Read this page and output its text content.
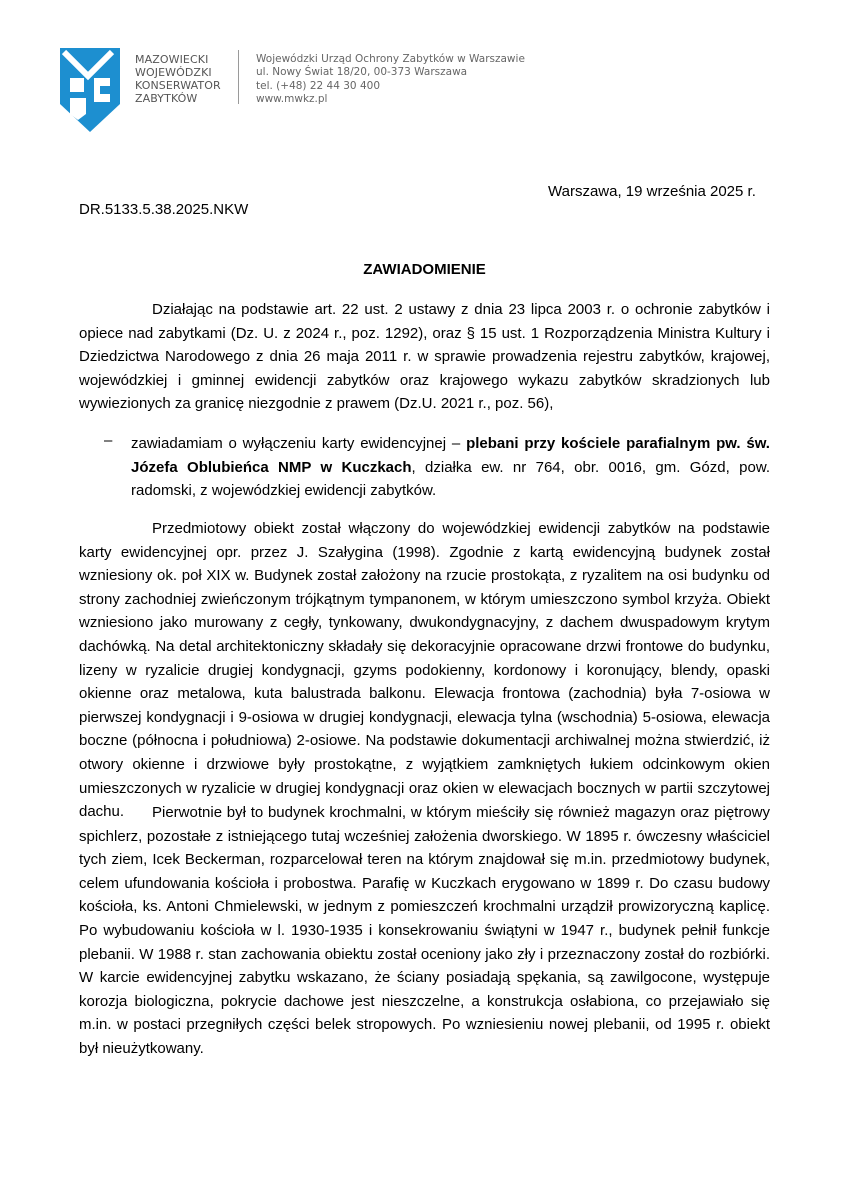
MAZOWIECKI
WOJEWÓDZKI
KONSERWATOR
ZABYTKÓW
Wojewódzki Urząd Ochrony Zabytków w Warszawie
ul. Nowy Świat 18/20, 00-373 Warszawa
tel. (+48) 22 44 30 400
www.mwkz.pl
Warszawa, 19 września 2025 r.
DR.5133.5.38.2025.NKW
ZAWIADOMIENIE
Działając na podstawie art. 22 ust. 2 ustawy z dnia 23 lipca 2003 r. o ochronie zabytków i opiece nad zabytkami (Dz. U. z 2024 r., poz. 1292), oraz § 15 ust. 1 Rozporządzenia Ministra Kultury i Dziedzictwa Narodowego z dnia 26 maja 2011 r. w sprawie prowadzenia rejestru zabytków, krajowej, wojewódzkiej i gminnej ewidencji zabytków oraz krajowego wykazu zabytków skradzionych lub wywiezionych za granicę niezgodnie z prawem (Dz.U. 2021 r., poz. 56),
– zawiadamiam o wyłączeniu karty ewidencyjnej – plebani przy kościele parafialnym pw. św. Józefa Oblubieńca NMP w Kuczkach, działka ew. nr 764, obr. 0016, gm. Gózd, pow. radomski, z wojewódzkiej ewidencji zabytków.
Przedmiotowy obiekt został włączony do wojewódzkiej ewidencji zabytków na podstawie karty ewidencyjnej opr. przez J. Szałygina (1998). Zgodnie z kartą ewidencyjną budynek został wzniesiony ok. poł XIX w. Budynek został założony na rzucie prostokąta, z ryzalitem na osi budynku od strony zachodniej zwieńczonym trójkątnym tympanonem, w którym umieszczono symbol krzyża. Obiekt wzniesiono jako murowany z cegły, tynkowany, dwukondygnacyjny, z dachem dwuspadowym krytym dachówką. Na detal architektoniczny składały się dekoracyjnie opracowane drzwi frontowe do budynku, lizeny w ryzalicie drugiej kondygnacji, gzyms podokienny, kordonowy i koronujący, blendy, opaski okienne oraz metalowa, kuta balustrada balkonu. Elewacja frontowa (zachodnia) była 7-osiowa w pierwszej kondygnacji i 9-osiowa w drugiej kondygnacji, elewacja tylna (wschodnia) 5-osiowa, elewacja boczne (północna i południowa) 2-osiowe. Na podstawie dokumentacji archiwalnej można stwierdzić, iż otwory okienne i drzwiowe były prostokątne, z wyjątkiem zamkniętych łukiem odcinkowym okien umieszczonych w ryzalicie w drugiej kondygnacji oraz okien w elewacjach bocznych w partii szczytowej dachu.	Pierwotnie był to budynek krochmalni, w którym mieściły się również magazyn oraz piętrowy spichlerz, pozostałe z istniejącego tutaj wcześniej założenia dworskiego. W 1895 r. ówczesny właściciel tych ziem, Icek Beckerman, rozparcelował teren na którym znajdował się m.in. przedmiotowy budynek, celem ufundowania kościoła i probostwa. Parafię w Kuczkach erygowano w 1899 r. Do czasu budowy kościoła, ks. Antoni Chmielewski, w jednym z pomieszczeń krochmalni urządził prowizoryczną kaplicę. Po wybudowaniu kościoła w l. 1930-1935 i konsekrowaniu świątyni w 1947 r., budynek pełnił funkcje plebanii. W 1988 r. stan zachowania obiektu został oceniony jako zły i przeznaczony został do rozbiórki. W karcie ewidencyjnej zabytku wskazano, że ściany posiadają spękania, są zawilgocone, występuje korozja biologiczna, pokrycie dachowe jest nieszczelne, a konstrukcja osłabiona, co przejawiało się m.in. w postaci przegniłych części belek stropowych. Po wzniesieniu nowej plebanii, od 1995 r. obiekt był nieużytkowany.
